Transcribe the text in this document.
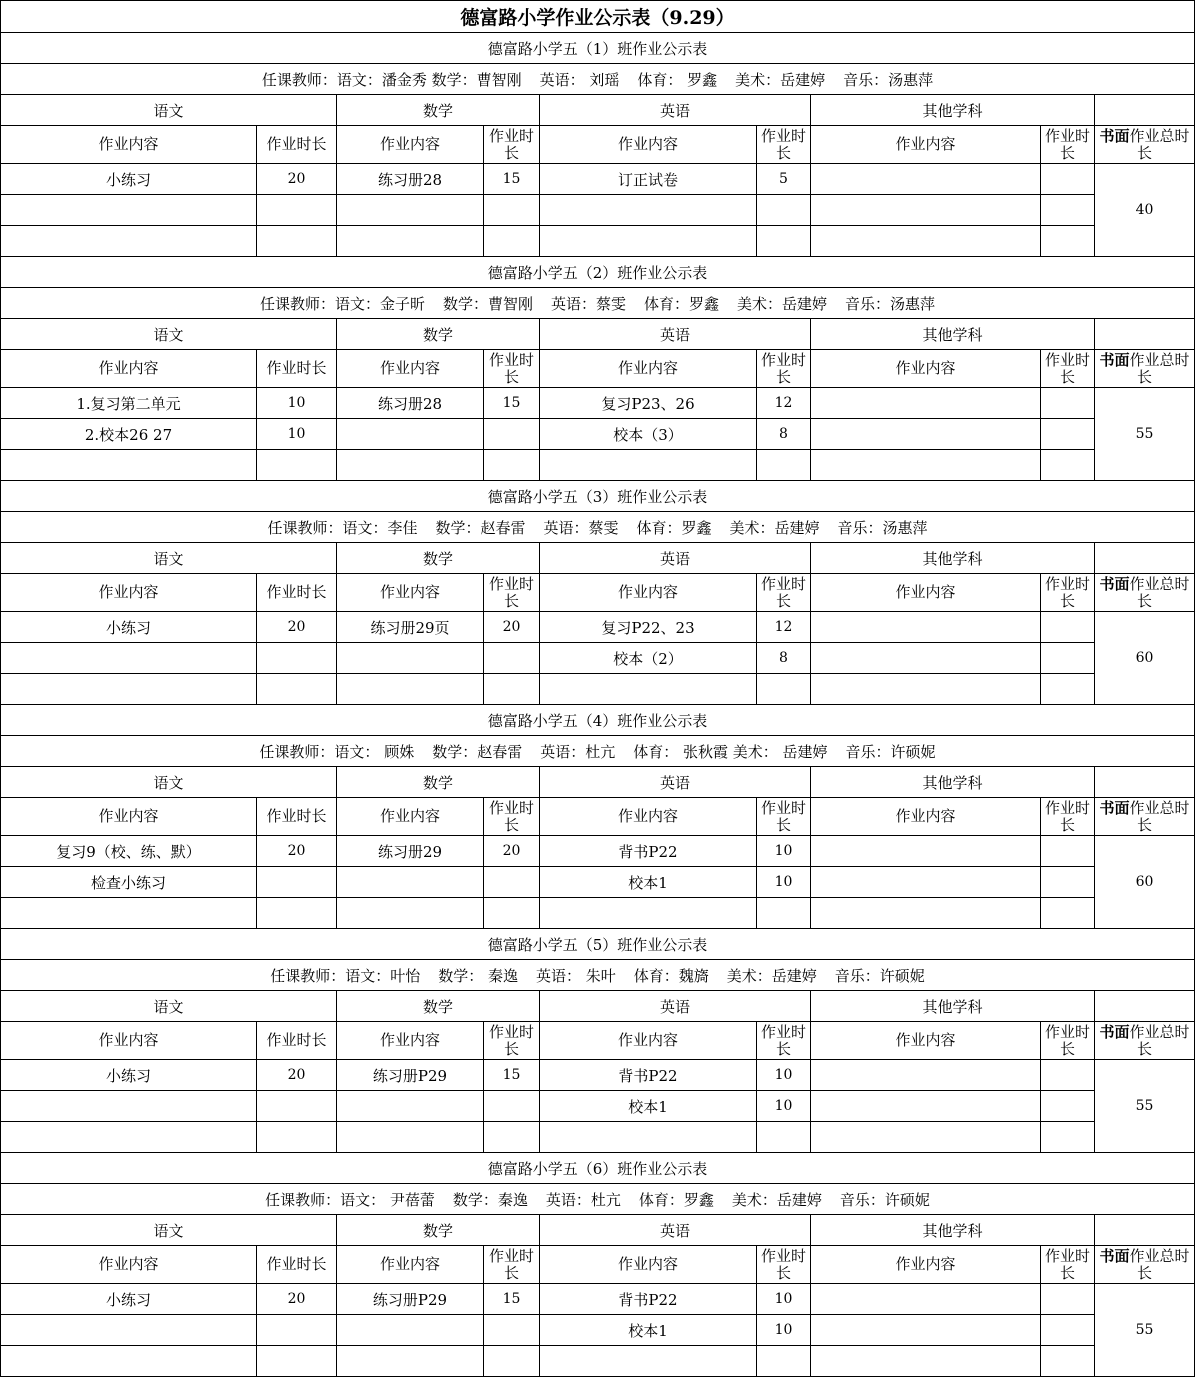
德富路小学作业公示表（9.29）								
德富路小学五（1）班作业公示表								
任课教师：语文：潘金秀 数学：曹智刚 英语： 刘瑶 体育： 罗鑫 美术：岳建婷 音乐：汤惠萍								
语文		数学		英语		其他学科		
作业内容	作业时长	作业内容	作业时长	作业内容	作业时长	作业内容	作业时长	书面作业总时长
小练习	20	练习册28	15	订正试卷	5			40

德富路小学五（2）班作业公示表								
任课教师：语文：金子昕 数学：曹智刚 英语：蔡雯 体育：罗鑫 美术：岳建婷 音乐：汤惠萍								
语文		数学		英语		其他学科		
作业内容	作业时长	作业内容	作业时长	作业内容	作业时长	作业内容	作业时长	书面作业总时长
1.复习第二单元	10	练习册28	15	复习P23、26	12			55
2.校本26 27	10			校本（3）	8			

德富路小学五（3）班作业公示表								
任课教师：语文：李佳 数学：赵春雷 英语：蔡雯 体育：罗鑫 美术：岳建婷 音乐：汤惠萍								
语文		数学		英语		其他学科		
作业内容	作业时长	作业内容	作业时长	作业内容	作业时长	作业内容	作业时长	书面作业总时长
小练习	20	练习册29页	20	复习P22、23	12			60
				校本（2）	8			

德富路小学五（4）班作业公示表								
任课教师：语文： 顾姝 数学：赵春雷 英语：杜亢 体育： 张秋霞 美术： 岳建婷 音乐：许硕妮								
语文		数学		英语		其他学科		
作业内容	作业时长	作业内容	作业时长	作业内容	作业时长	作业内容	作业时长	书面作业总时长
复习9（校、练、默）	20	练习册29	20	背书P22	10			60
检查小练习				校本1	10			

德富路小学五（5）班作业公示表								
任课教师：语文：叶怡 数学： 秦逸 英语： 朱叶 体育：魏旖 美术：岳建婷 音乐：许硕妮								
语文		数学		英语		其他学科		
作业内容	作业时长	作业内容	作业时长	作业内容	作业时长	作业内容	作业时长	书面作业总时长
小练习	20	练习册P29	15	背书P22	10			55
				校本1	10			

德富路小学五（6）班作业公示表								
任课教师：语文： 尹蓓蕾 数学：秦逸 英语：杜亢 体育：罗鑫 美术：岳建婷 音乐：许硕妮								
语文		数学		英语		其他学科		
作业内容	作业时长	作业内容	作业时长	作业内容	作业时长	作业内容	作业时长	书面作业总时长
小练习	20	练习册P29	15	背书P22	10			55
				校本1	10			
